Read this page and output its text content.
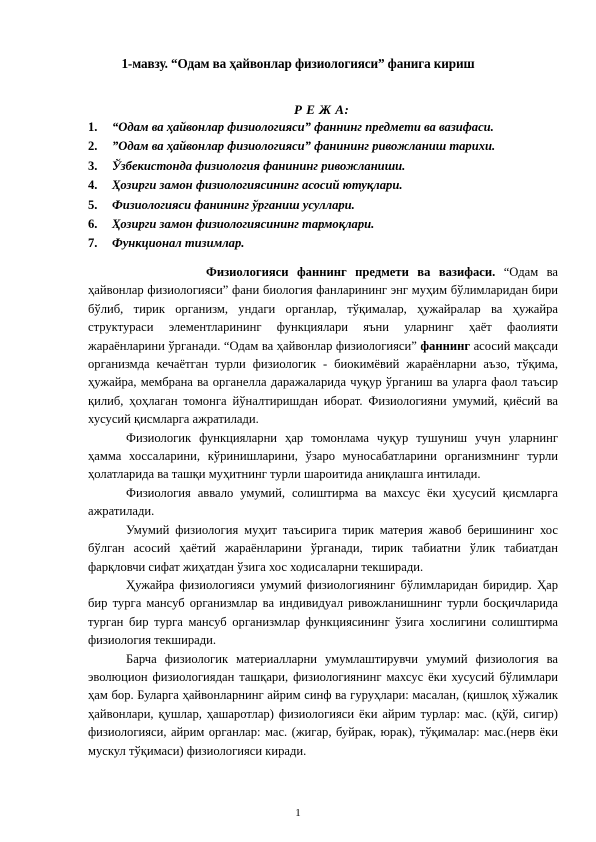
1-мавзу. “Одам ва ҳайвонлар физиологияси” фанига кириш
Р Е Ж А:
1.	“Одам ва ҳайвонлар физиологияси” фаннинг предмети ва вазифаси.
2.	”Одам ва ҳайвонлар физиологияси” фанининг ривожланиш тарихи.
3.	Ўзбекистонда физиология фанининг ривожланиши.
4.	Ҳозирги замон физиологиясининг асосий ютуқлари.
5.	Физиологияси фанининг ўрганиш усуллари.
6.	Ҳозирги замон физиологиясининг тармоқлари.
7.	Функционал тизимлар.

Физиологияси фаннинг предмети ва вазифаси. “Одам ва ҳайвонлар физиологияси” фани биология фанларининг энг муҳим бўлимларидан бири бўлиб, тирик организм, ундаги органлар, тўқималар, ҳужайралар ва ҳужайра структураси элементларининг функциялари яъни уларнинг ҳаёт фаолияти жараёнларини ўрганади. “Одам ва ҳайвонлар физиологияси” фаннинг асосий мақсади организмда кечаётган турли физиологик - биокимёвий жараёнларни аъзо, тўқима, ҳужайра, мембрана ва органелла даражаларида чуқур ўрганиш ва уларга фаол таъсир қилиб, ҳоҳлаган томонга йўналтиришдан иборат. Физиологияни умумий, қиёсий ва хусусий қисмларга ажратилади.

Физиологик функцияларни ҳар томонлама чуқур тушуниш учун уларнинг ҳамма хоссаларини, кўринишларини, ўзаро муносабатларини организмнинг турли ҳолатларида ва ташқи муҳитнинг турли шароитида аниқлашга интилади.

Физиология аввало умумий, солиштирма ва махсус ёки ҳусусий қисмларга ажратилади.

Умумий физиология муҳит таъсирига тирик материя жавоб беришининг хос бўлган асосий ҳаётий жараёнларини ўрганади, тирик табиатни ўлик табиатдан фарқловчи сифат жиҳатдан ўзига хос ходисаларни текширади.

Ҳужайра физиологияси умумий физиологиянинг бўлимларидан биридир. Ҳар бир турга мансуб организмлар ва индивидуал ривожланишнинг турли босқичларида турган бир турга мансуб организмлар функциясининг ўзига хослигини солиштирма физиология текширади.

Барча физиологик материалларни умумлаштирувчи умумий физиология ва эволюцион физиологиядан ташқари, физиологиянинг махсус ёки хусусий бўлимлари ҳам бор. Буларга ҳайвонларнинг айрим синф ва гуруҳлари: масалан, (қишлоқ хўжалик ҳайвонлари, қушлар, ҳашаротлар) физиологияси ёки айрим турлар: мас. (қўй, сигир) физиологияси, айрим органлар: мас. (жигар, буйрак, юрак), тўқималар: мас.(нерв ёки мускул тўқимаси) физиологияси киради.

1
